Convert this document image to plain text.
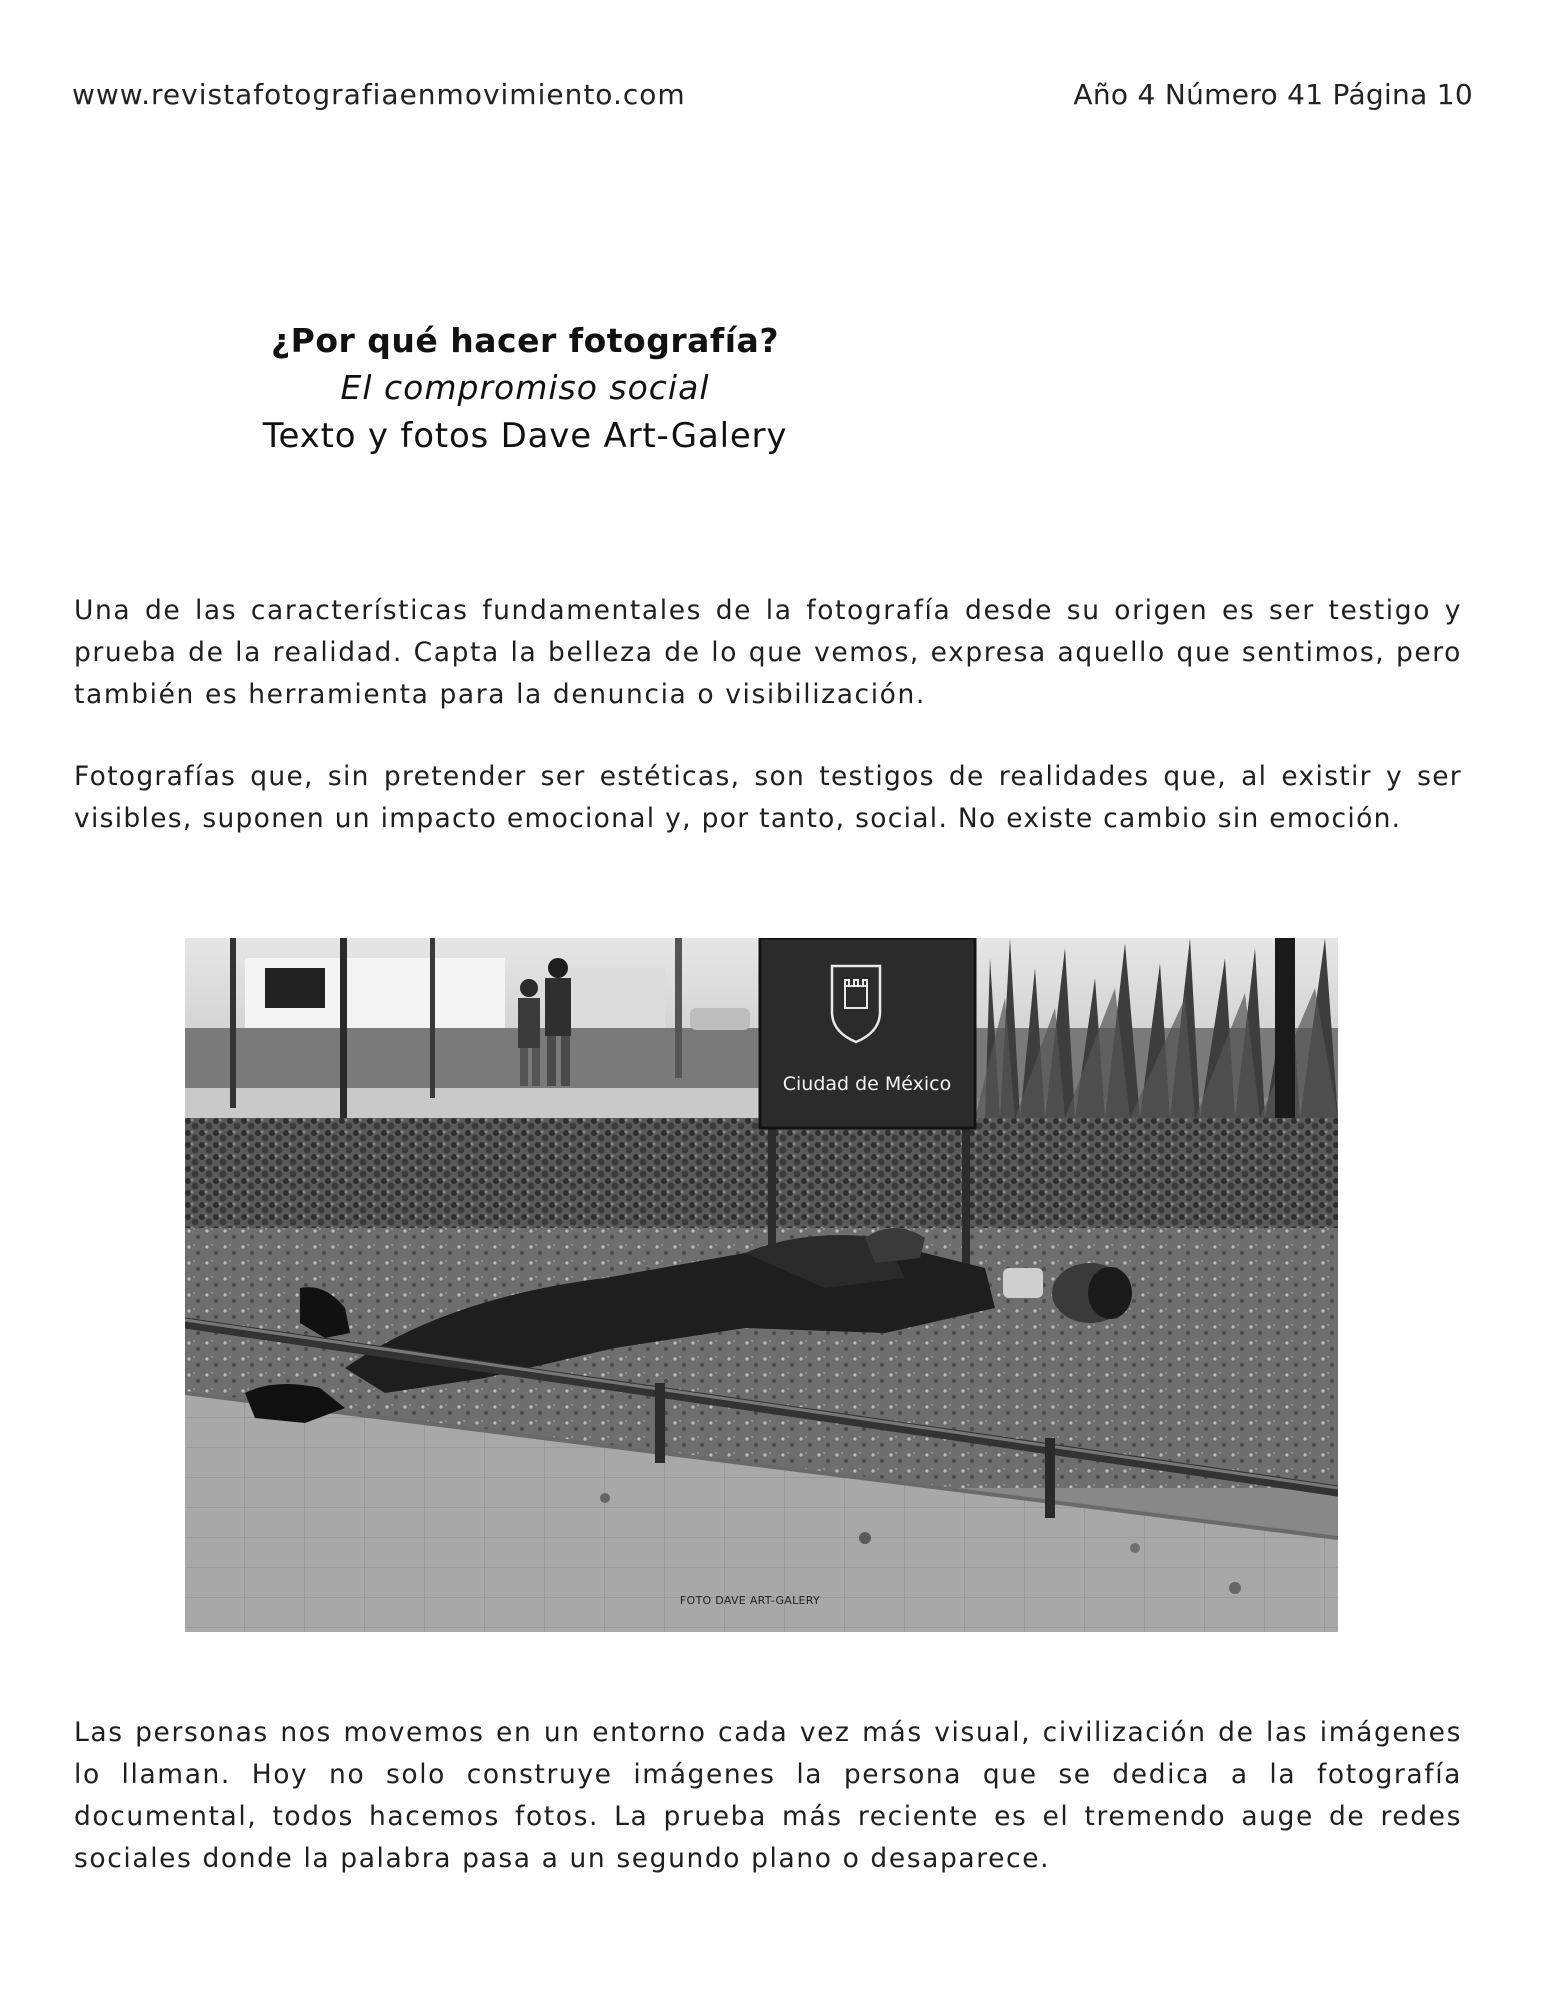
www.revistafotografiaenmovimiento.com	Año 4 Número 41 Página 10
¿Por qué hacer fotografía?
El compromiso social
Texto y fotos Dave Art-Galery

Una de las características fundamentales de la fotografía desde su origen es ser testigo y prueba de la realidad. Capta la belleza de lo que vemos, expresa aquello que sentimos, pero también es herramienta para la denuncia o visibilización.

Fotografías que, sin pretender ser estéticas, son testigos de realidades que, al existir y ser visibles, suponen un impacto emocional y, por tanto, social. No existe cambio sin emoción.

Ciudad de México
FOTO DAVE ART-GALERY

Las personas nos movemos en un entorno cada vez más visual, civilización de las imágenes lo llaman. Hoy no solo construye imágenes la persona que se dedica a la fotografía documental, todos hacemos fotos. La prueba más reciente es el tremendo auge de redes sociales donde la palabra pasa a un segundo plano o desaparece.
